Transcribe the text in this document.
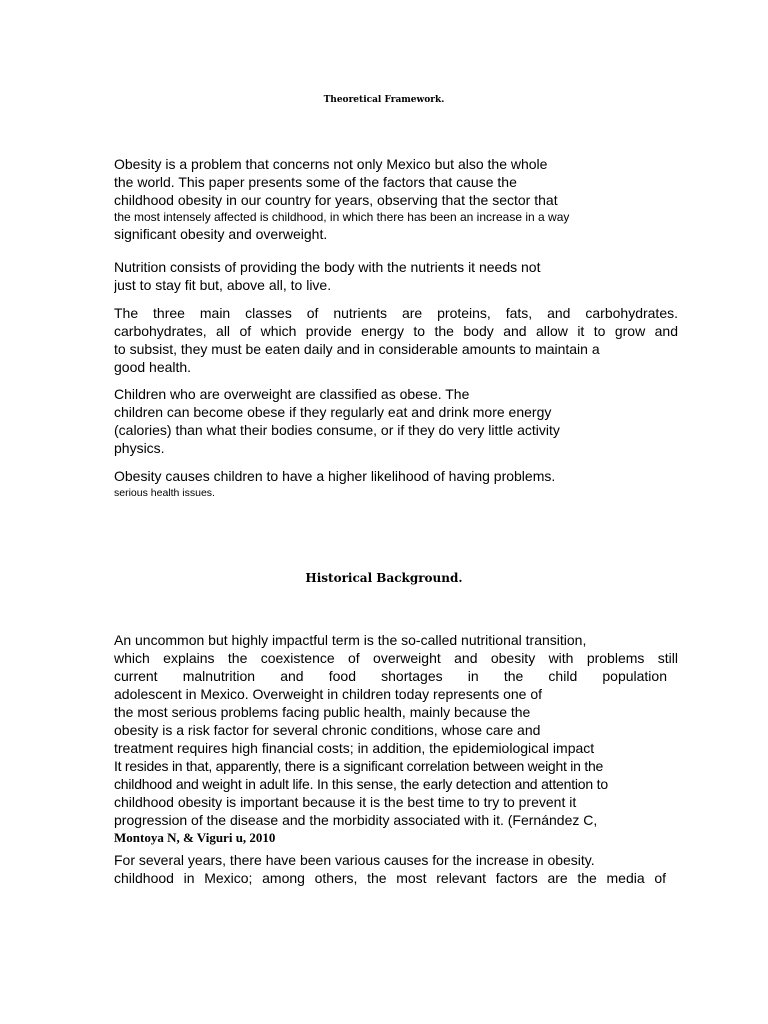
Theoretical Framework.
Obesity is a problem that concerns not only Mexico but also the whole
the world. This paper presents some of the factors that cause the
childhood obesity in our country for years, observing that the sector that
the most intensely affected is childhood, in which there has been an increase in a way
significant obesity and overweight.
Nutrition consists of providing the body with the nutrients it needs not
just to stay fit but, above all, to live.
The three main classes of nutrients are proteins, fats, and carbohydrates.
carbohydrates, all of which provide energy to the body and allow it to grow and
to subsist, they must be eaten daily and in considerable amounts to maintain a
good health.
Children who are overweight are classified as obese. The
children can become obese if they regularly eat and drink more energy
(calories) than what their bodies consume, or if they do very little activity
physics.
Obesity causes children to have a higher likelihood of having problems.
serious health issues.
Historical Background.
An uncommon but highly impactful term is the so-called nutritional transition,
which explains the coexistence of overweight and obesity with problems still
current malnutrition and food shortages in the child population
adolescent in Mexico. Overweight in children today represents one of
the most serious problems facing public health, mainly because the
obesity is a risk factor for several chronic conditions, whose care and
treatment requires high financial costs; in addition, the epidemiological impact
It resides in that, apparently, there is a significant correlation between weight in the
childhood and weight in adult life. In this sense, the early detection and attention to
childhood obesity is important because it is the best time to try to prevent it
progression of the disease and the morbidity associated with it. (Fernández C,
Montoya N, & Viguri u, 2010
For several years, there have been various causes for the increase in obesity.
childhood in Mexico; among others, the most relevant factors are the media of
